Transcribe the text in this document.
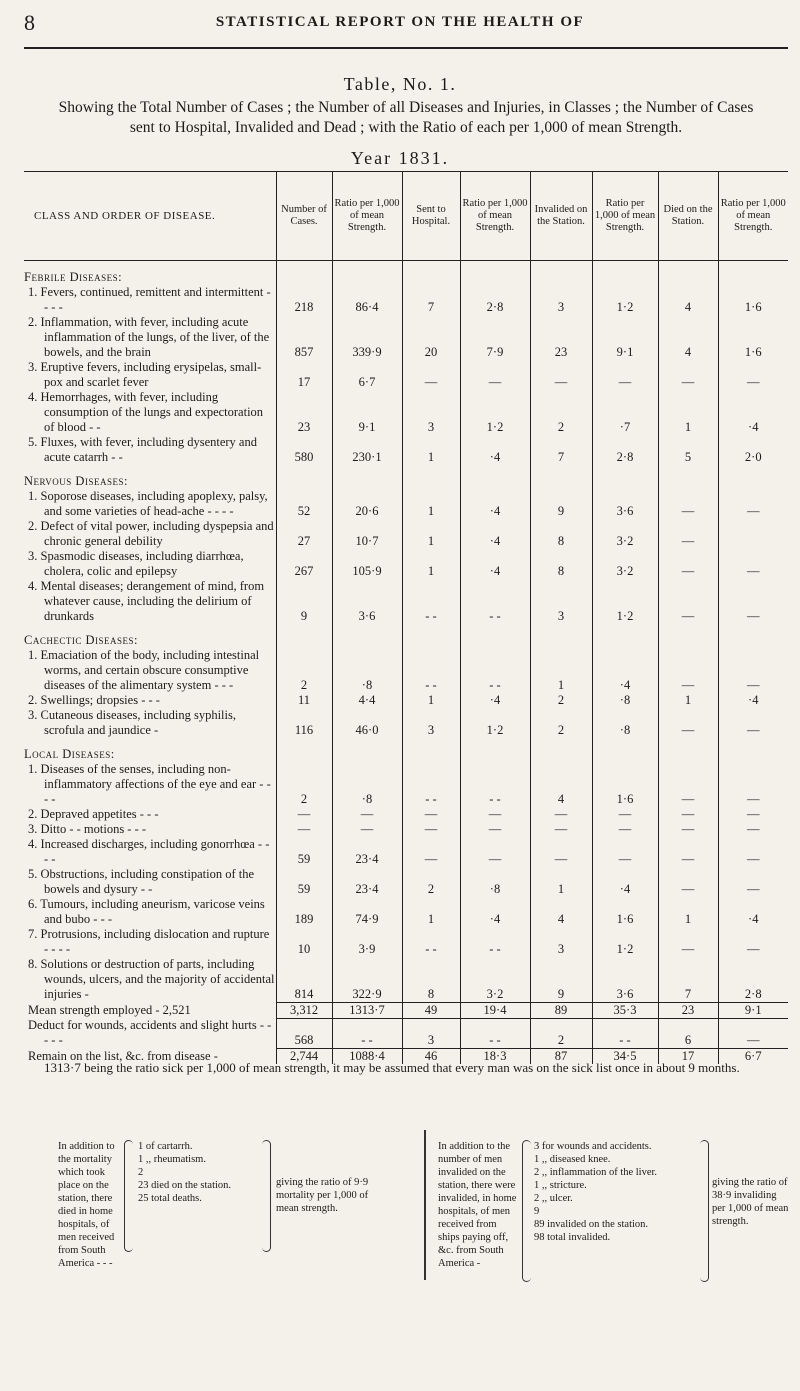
8	STATISTICAL REPORT ON THE HEALTH OF
Table, No. 1.
Showing the Total Number of Cases ; the Number of all Diseases and Injuries, in Classes ; the Number of Cases
sent to Hospital, Invalided and Dead ; with the Ratio of each per 1,000 of mean Strength.
Year 1831.
CLASS AND ORDER OF DISEASE.	Number of Cases.	Ratio per 1,000 of mean Strength.	Sent to Hospital.	Ratio per 1,000 of mean Strength.	Invalided on the Station.	Ratio per 1,000 of mean Strength.	Died on the Station.	Ratio per 1,000 of mean Strength.
Febrile Diseases:								

1. Fevers, continued, remittent and intermittent - - - -	218	86·4	7	2·8	3	1·2	4	1·6

2. Inflammation, with fever, including acute inflammation of the lungs, of the liver, of the bowels, and the brain	857	339·9	20	7·9	23	9·1	4	1·6

3. Eruptive fevers, including erysipelas, small-pox and scarlet fever	17	6·7	—	—	—	—	—	—

4. Hemorrhages, with fever, including consumption of the lungs and expectoration of blood - -	23	9·1	3	1·2	2	·7	1	·4

5. Fluxes, with fever, including dysentery and acute catarrh - -	580	230·1	1	·4	7	2·8	5	2·0
Nervous Diseases:								

1. Soporose diseases, including apoplexy, palsy, and some varieties of head-ache - - - -	52	20·6	1	·4	9	3·6	—	—

2. Defect of vital power, including dyspepsia and chronic general debility	27	10·7	1	·4	8	3·2	—	

3. Spasmodic diseases, including diarrhœa, cholera, colic and epilepsy	267	105·9	1	·4	8	3·2	—	—

4. Mental diseases; derangement of mind, from whatever cause, including the delirium of drunkards	9	3·6	- -	- -	3	1·2	—	—
Cachectic Diseases:								

1. Emaciation of the body, including intestinal worms, and certain obscure consumptive diseases of the alimentary system - - -	2	·8	- -	- -	1	·4	—	—

2. Swellings; dropsies - - -	11	4·4	1	·4	2	·8	1	·4

3. Cutaneous diseases, including syphilis, scrofula and jaundice -	116	46·0	3	1·2	2	·8	—	—
Local Diseases:								

1. Diseases of the senses, including non-inflammatory affections of the eye and ear - - - -	2	·8	- -	- -	4	1·6	—	—

2. Depraved appetites - - -	—	—	—	—	—	—	—	—

3. Ditto - - motions - - -	—	—	—	—	—	—	—	—

4. Increased discharges, including gonorrhœa - - - -	59	23·4	—	—	—	—	—	—

5. Obstructions, including constipation of the bowels and dysury - -	59	23·4	2	·8	1	·4	—	—

6. Tumours, including aneurism, varicose veins and bubo - - -	189	74·9	1	·4	4	1·6	1	·4

7. Protrusions, including dislocation and rupture - - - -	10	3·9	- -	- -	3	1·2	—	—

8. Solutions or destruction of parts, including wounds, ulcers, and the majority of accidental injuries -	814	322·9	8	3·2	9	3·6	7	2·8

Mean strength employed - 2,521	3,312	1313·7	49	19·4	89	35·3	23	9·1

Deduct for wounds, accidents and slight hurts - - - - -	568	- -	3	- -	2	- -	6	—

Remain on the list, &c. from disease -	2,744	1088·4	46	18·3	87	34·5	17	6·7
1313·7 being the ratio sick per 1,000 of mean strength, it may be assumed that every man was on the sick list once in about 9 months.
In addition to the mortality which took place on the station, there died in home hospitals, of men received from South America - - -
1 of cartarrh.
1 ,, rheumatism.
2
23 died on the station.
25 total deaths.
giving the ratio of 9·9 mortality per 1,000 of mean strength.
In addition to the number of men invalided on the station, there were invalided, in home hospitals, of men received from ships paying off, &c. from South America -
3 for wounds and accidents.
1 ,, diseased knee.
2 ,, inflammation of the liver.
1 ,, stricture.
2 ,, ulcer.
9
89 invalided on the station.
98 total invalided.
giving the ratio of 38·9 invaliding per 1,000 of mean strength.
